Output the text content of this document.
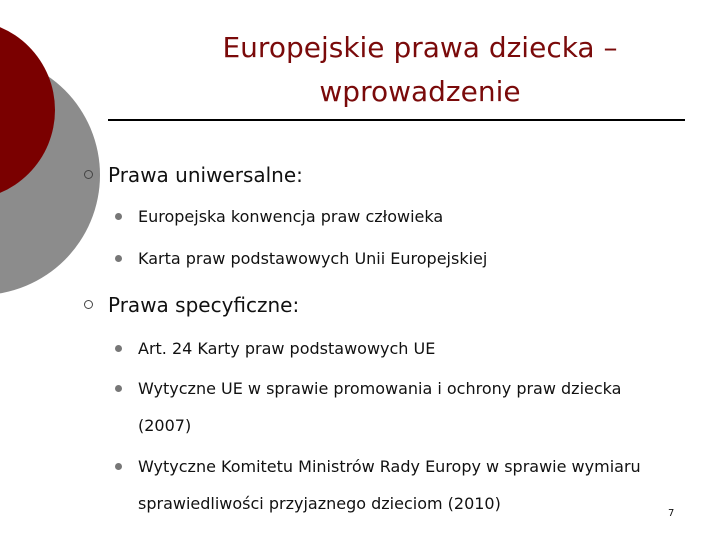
Europejskie prawa dziecka –
wprowadzenie
Prawa uniwersalne:
Europejska konwencja praw człowieka
Karta praw podstawowych Unii Europejskiej
Prawa specyficzne:
Art. 24 Karty praw podstawowych UE
Wytyczne UE w sprawie promowania i ochrony praw dziecka
(2007)
Wytyczne Komitetu Ministrów Rady Europy w sprawie wymiaru
sprawiedliwości przyjaznego dzieciom (2010)
7
